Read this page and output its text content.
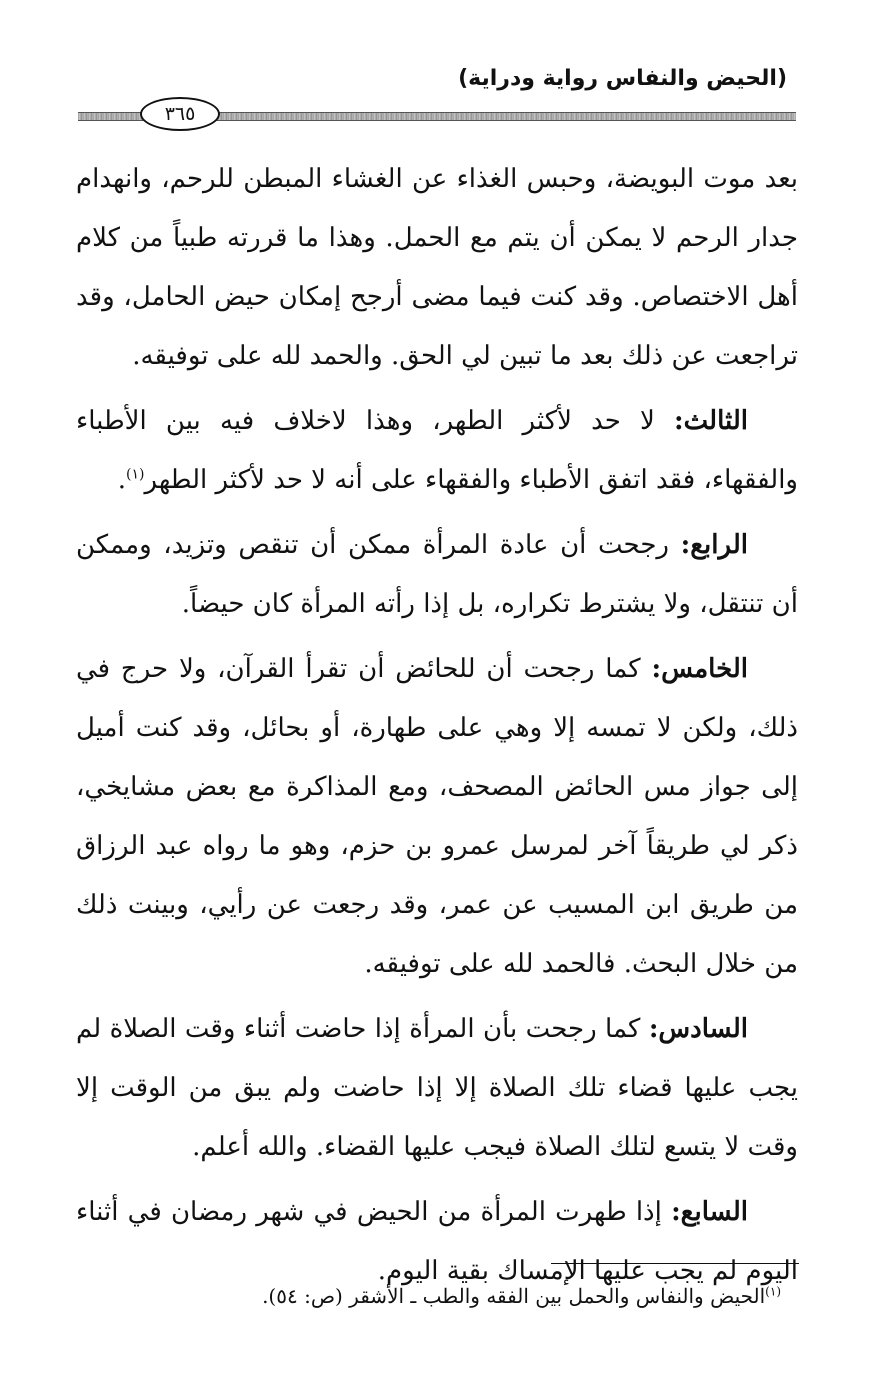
(الحيض والنفاس رواية ودراية)
٣٦٥

بعد موت البويضة، وحبس الغذاء عن الغشاء المبطن للرحم، وانهدام جدار الرحم لا يمكن أن يتم مع الحمل. وهذا ما قررته طبياً من كلام أهل الاختصاص. وقد كنت فيما مضى أرجح إمكان حيض الحامل، وقد تراجعت عن ذلك بعد ما تبين لي الحق. والحمد لله على توفيقه.

الثالث: لا حد لأكثر الطهر، وهذا لاخلاف فيه بين الأطباء والفقهاء، فقد اتفق الأطباء والفقهاء على أنه لا حد لأكثر الطهر$^{(١)}$.

الرابع: رجحت أن عادة المرأة ممكن أن تنقص وتزيد، وممكن أن تنتقل، ولا يشترط تكراره، بل إذا رأته المرأة كان حيضاً.

الخامس: كما رجحت أن للحائض أن تقرأ القرآن، ولا حرج في ذلك، ولكن لا تمسه إلا وهي على طهارة، أو بحائل، وقد كنت أميل إلى جواز مس الحائض المصحف، ومع المذاكرة مع بعض مشايخي، ذكر لي طريقاً آخر لمرسل عمرو بن حزم، وهو ما رواه عبد الرزاق من طريق ابن المسيب عن عمر، وقد رجعت عن رأيي، وبينت ذلك من خلال البحث. فالحمد لله على توفيقه.

السادس: كما رجحت بأن المرأة إذا حاضت أثناء وقت الصلاة لم يجب عليها قضاء تلك الصلاة إلا إذا حاضت ولم يبق من الوقت إلا وقت لا يتسع لتلك الصلاة فيجب عليها القضاء. والله أعلم.

السابع: إذا طهرت المرأة من الحيض في شهر رمضان في أثناء اليوم لم يجب عليها الإمساك بقية اليوم.

$^{(١)}$الحيض والنفاس والحمل بين الفقه والطب ـ الأشقر (ص: ٥٤).
